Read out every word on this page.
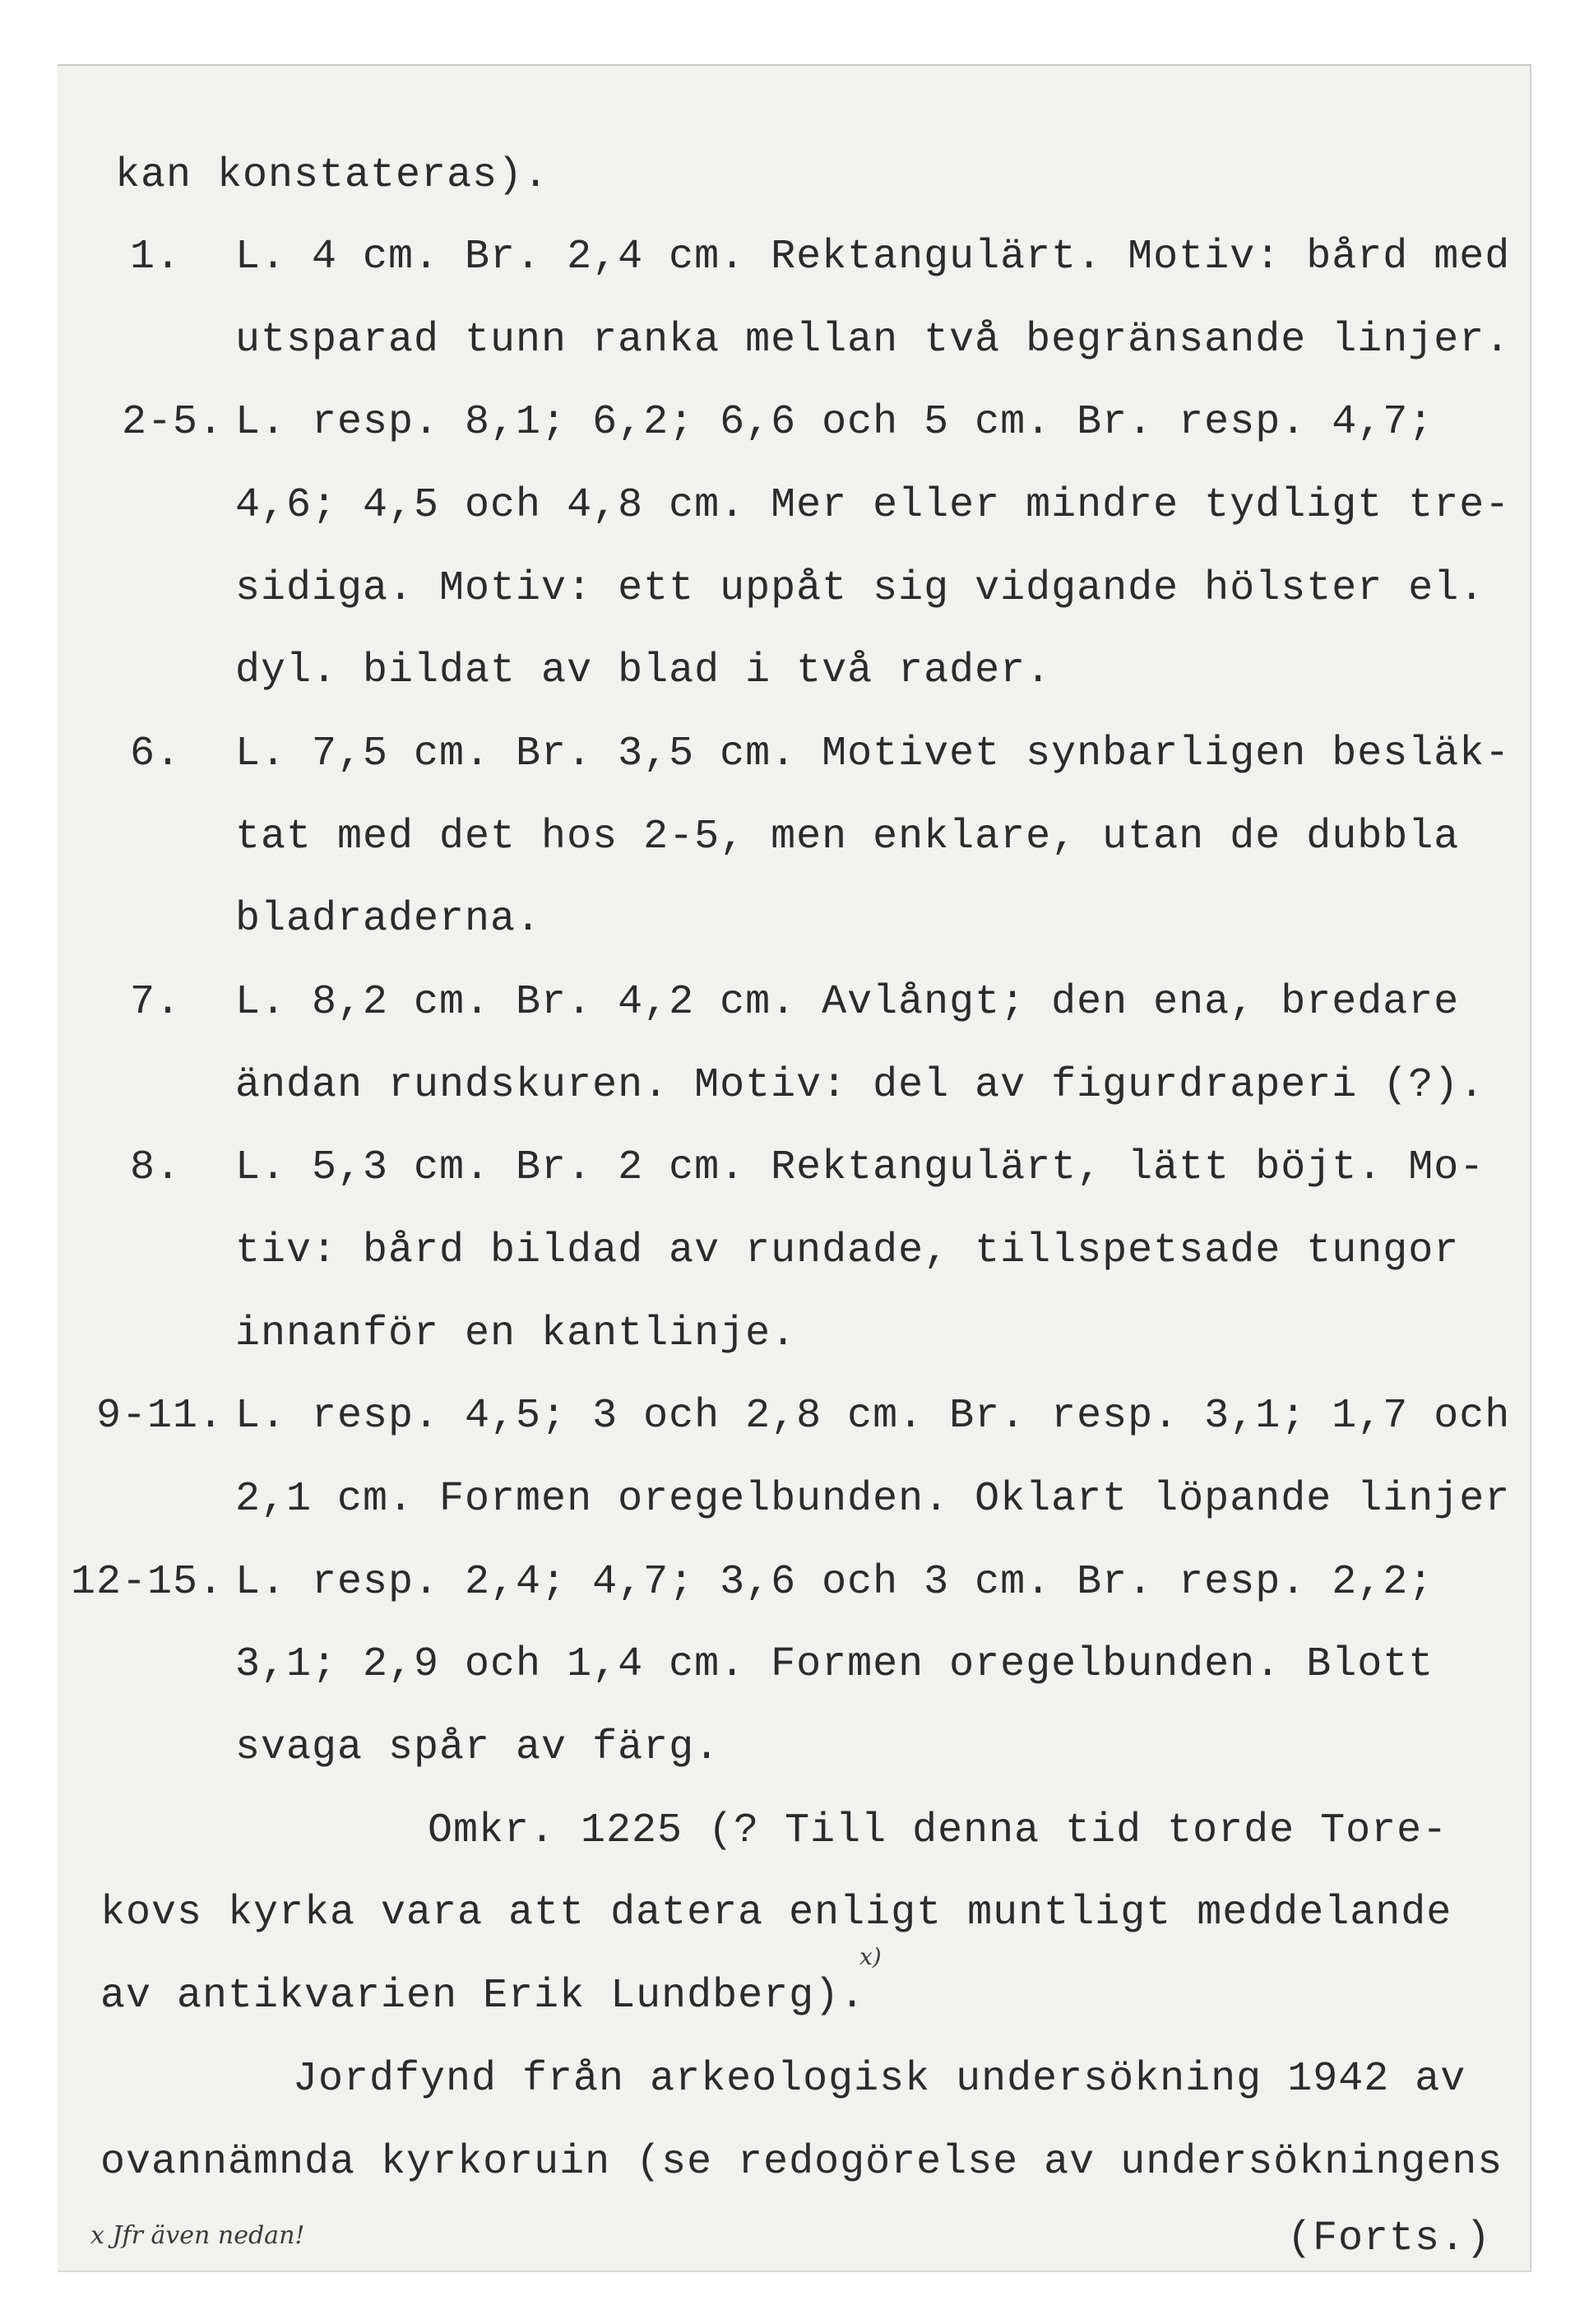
kan konstateras).
1. L. 4 cm. Br. 2,4 cm. Rektangulärt. Motiv: bård med
utsparad tunn ranka mellan två begränsande linjer.
2-5. L. resp. 8,1; 6,2; 6,6 och 5 cm. Br. resp. 4,7;
4,6; 4,5 och 4,8 cm. Mer eller mindre tydligt tre-
sidiga. Motiv: ett uppåt sig vidgande hölster el.
dyl. bildat av blad i två rader.
6. L. 7,5 cm. Br. 3,5 cm. Motivet synbarligen besläk-
tat med det hos 2-5, men enklare, utan de dubbla
bladraderna.
7. L. 8,2 cm. Br. 4,2 cm. Avlångt; den ena, bredare
ändan rundskuren. Motiv: del av figurdraperi (?).
8. L. 5,3 cm. Br. 2 cm. Rektangulärt, lätt böjt. Mo-
tiv: bård bildad av rundade, tillspetsade tungor
innanför en kantlinje.
9-11. L. resp. 4,5; 3 och 2,8 cm. Br. resp. 3,1; 1,7 och
2,1 cm. Formen oregelbunden. Oklart löpande linjer
12-15. L. resp. 2,4; 4,7; 3,6 och 3 cm. Br. resp. 2,2;
3,1; 2,9 och 1,4 cm. Formen oregelbunden. Blott
svaga spår av färg.
Omkr. 1225 (? Till denna tid torde Tore-
kovs kyrka vara att datera enligt muntligt meddelande
x)
av antikvarien Erik Lundberg).
Jordfynd från arkeologisk undersökning 1942 av
ovannämnda kyrkoruin (se redogörelse av undersökningens
x Jfr även nedan!	(Forts.)
